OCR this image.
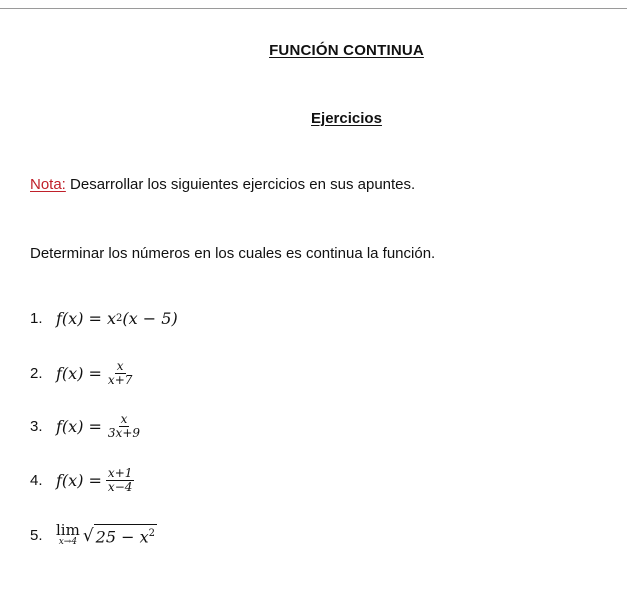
FUNCIÓN CONTINUA
Ejercicios
Nota: Desarrollar los siguientes ejercicios en sus apuntes.
Determinar los números en los cuales es continua la función.
1. f(x) = x 2 (x − 5)
2. $f(x) = \frac{x}{x+7}$
3. $f(x) = \frac{x}{3x+9}$
4. $f(x) = \frac{x+1}{x-4}$
5. lim
x→4 √ $25 - x^2$
